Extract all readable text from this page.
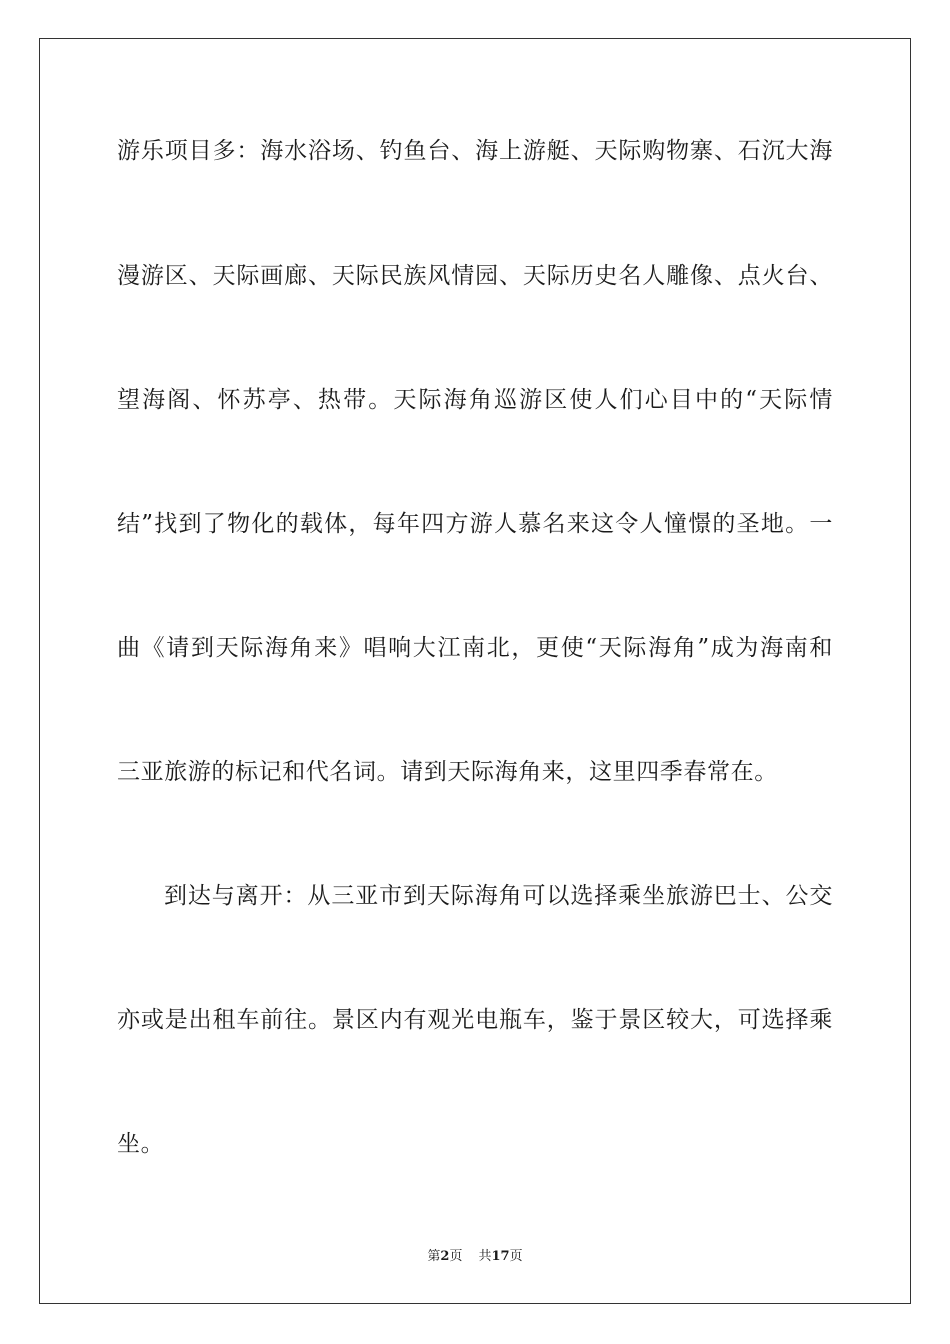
游乐项目多：海水浴场、钓鱼台、海上游艇、天际购物寨、石沉大海
漫游区、天际画廊、天际民族风情园、天际历史名人雕像、点火台、
望海阁、怀苏亭、热带。天际海角巡游区使人们心目中的“天际情
结”找到了物化的载体，每年四方游人慕名来这令人憧憬的圣地。一
曲《请到天际海角来》唱响大江南北，更使“天际海角”成为海南和
三亚旅游的标记和代名词。请到天际海角来，这里四季春常在。
到达与离开：从三亚市到天际海角可以选择乘坐旅游巴士、公交
亦或是出租车前往。景区内有观光电瓶车，鉴于景区较大，可选择乘
坐。
第2页 共17页
